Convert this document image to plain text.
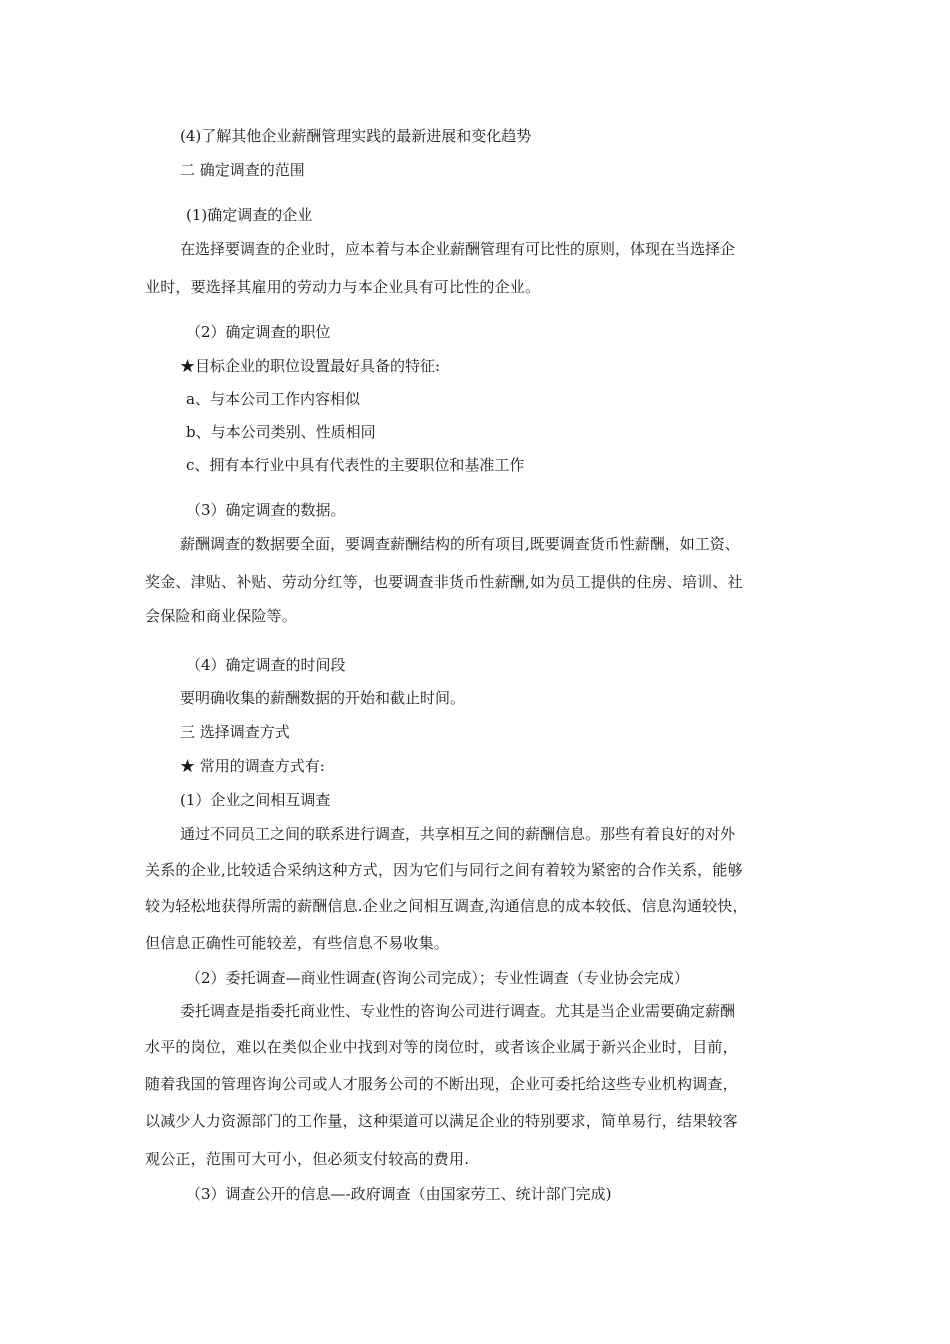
(4)了解其他企业薪酬管理实践的最新进展和变化趋势
二 确定调查的范围
(1)确定调查的企业
在选择要调查的企业时，应本着与本企业薪酬管理有可比性的原则，体现在当选择企
业时，要选择其雇用的劳动力与本企业具有可比性的企业。
（2）确定调查的职位
★目标企业的职位设置最好具备的特征:
a、与本公司工作内容相似
b、与本公司类别、性质相同
c、拥有本行业中具有代表性的主要职位和基准工作
（3）确定调查的数据。
薪酬调查的数据要全面，要调查薪酬结构的所有项目,既要调查货币性薪酬，如工资、
奖金、津贴、补贴、劳动分红等，也要调查非货币性薪酬,如为员工提供的住房、培训、社
会保险和商业保险等。
（4）确定调查的时间段
要明确收集的薪酬数据的开始和截止时间。
三 选择调查方式
★ 常用的调查方式有:
(1）企业之间相互调查
通过不同员工之间的联系进行调查，共享相互之间的薪酬信息。那些有着良好的对外
关系的企业,比较适合采纳这种方式，因为它们与同行之间有着较为紧密的合作关系，能够
较为轻松地获得所需的薪酬信息.企业之间相互调查,沟通信息的成本较低、信息沟通较快，
但信息正确性可能较差，有些信息不易收集。
（2）委托调查—商业性调查(咨询公司完成）；专业性调查（专业协会完成）
委托调查是指委托商业性、专业性的咨询公司进行调查。尤其是当企业需要确定薪酬
水平的岗位，难以在类似企业中找到对等的岗位时，或者该企业属于新兴企业时，目前，
随着我国的管理咨询公司或人才服务公司的不断出现，企业可委托给这些专业机构调查，
以减少人力资源部门的工作量，这种渠道可以满足企业的特别要求，简单易行，结果较客
观公正，范围可大可小，但必须支付较高的费用.
（3）调查公开的信息—-政府调查（由国家劳工、统计部门完成)
